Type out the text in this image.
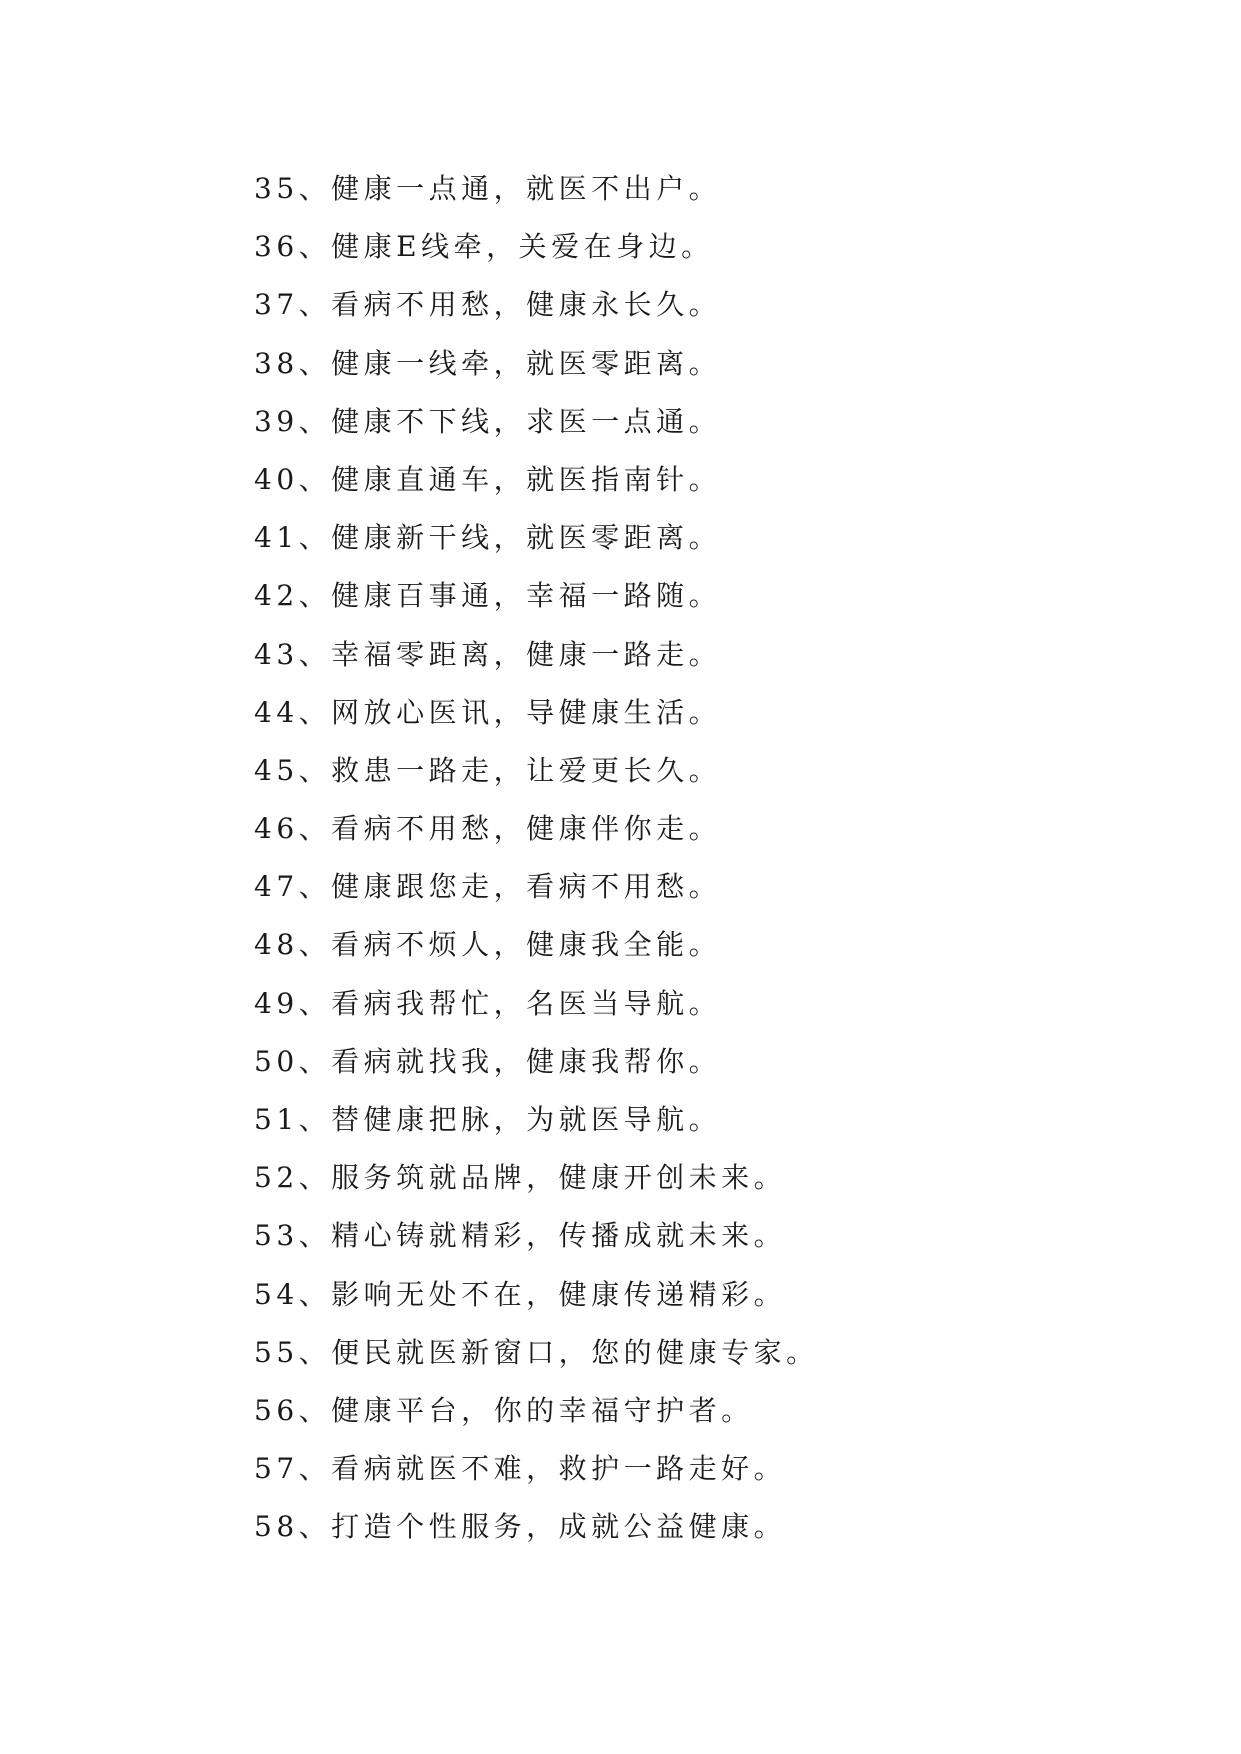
35、健康一点通，就医不出户。
36、健康E线牵，关爱在身边。
37、看病不用愁，健康永长久。
38、健康一线牵，就医零距离。
39、健康不下线，求医一点通。
40、健康直通车，就医指南针。
41、健康新干线，就医零距离。
42、健康百事通，幸福一路随。
43、幸福零距离，健康一路走。
44、网放心医讯，导健康生活。
45、救患一路走，让爱更长久。
46、看病不用愁，健康伴你走。
47、健康跟您走，看病不用愁。
48、看病不烦人，健康我全能。
49、看病我帮忙，名医当导航。
50、看病就找我，健康我帮你。
51、替健康把脉，为就医导航。
52、服务筑就品牌，健康开创未来。
53、精心铸就精彩，传播成就未来。
54、影响无处不在，健康传递精彩。
55、便民就医新窗口，您的健康专家。
56、健康平台，你的幸福守护者。
57、看病就医不难，救护一路走好。
58、打造个性服务，成就公益健康。
